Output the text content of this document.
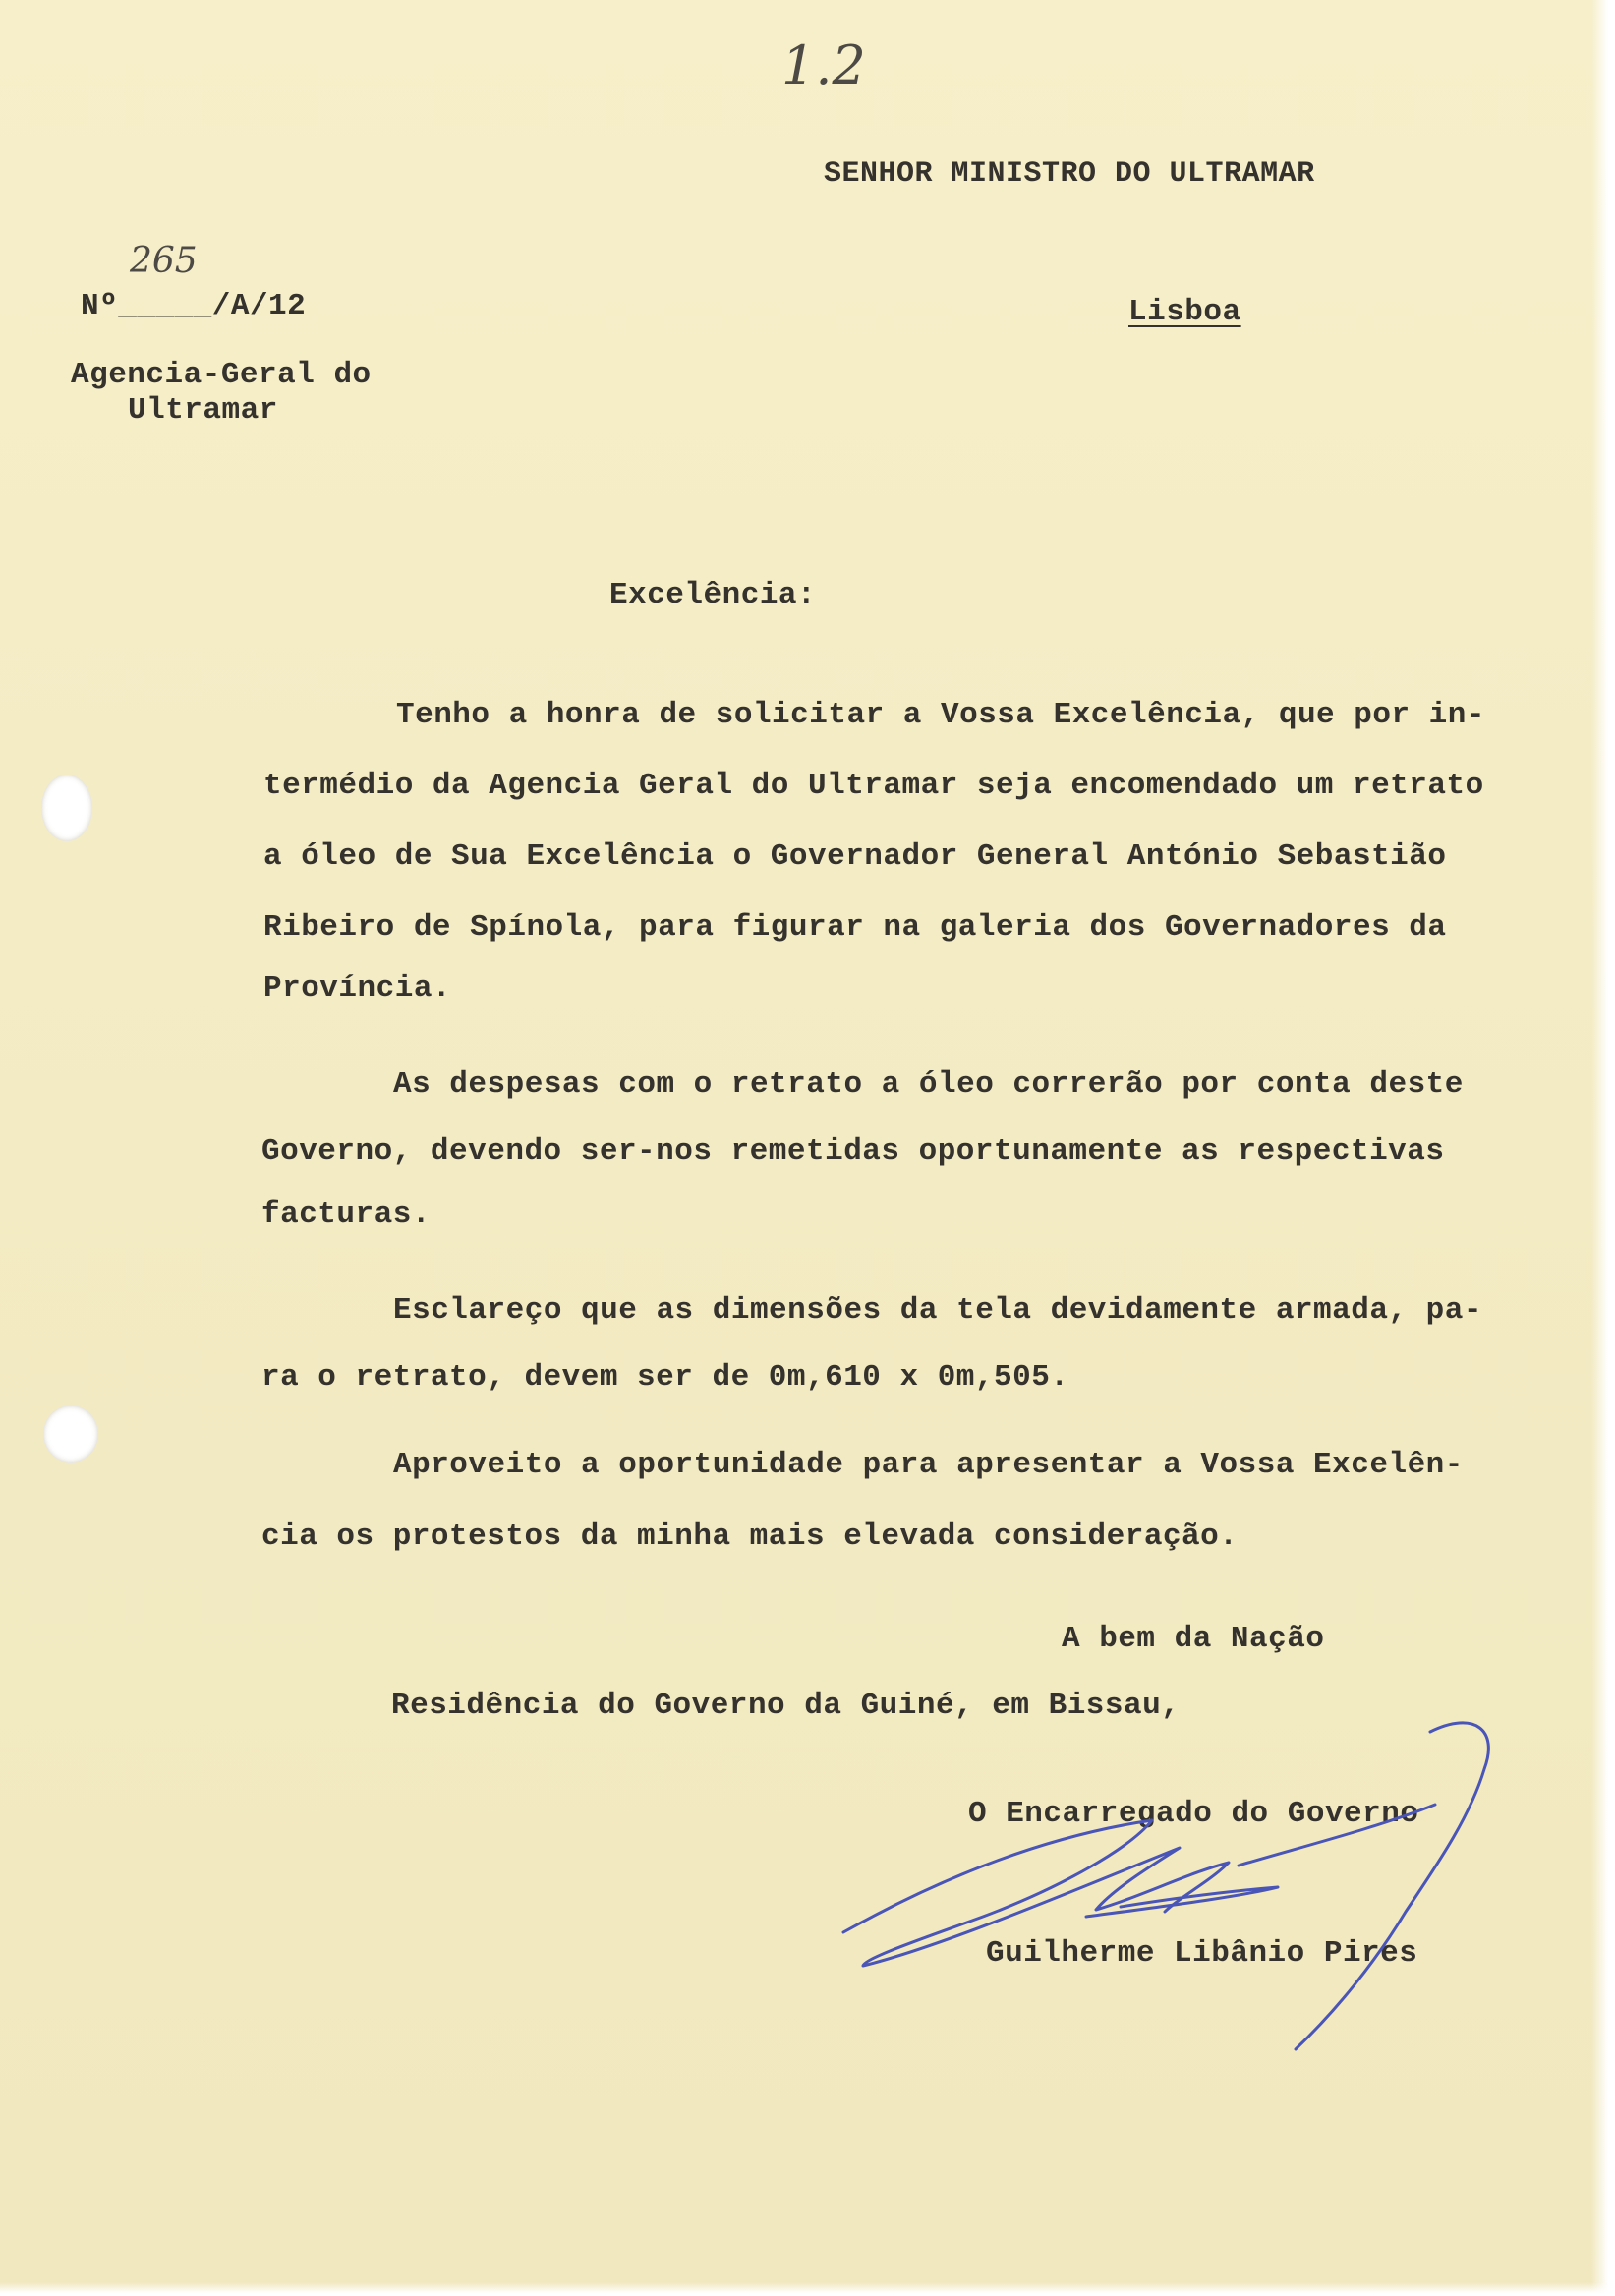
1.2
SENHOR MINISTRO DO ULTRAMAR
Lisboa
265
Nº_____/A/12
Agencia-Geral do
Ultramar
Excelência:
Tenho a honra de solicitar a Vossa Excelência, que por in-
termédio da Agencia Geral do Ultramar seja encomendado um retrato
a óleo de Sua Excelência o Governador General António Sebastião
Ribeiro de Spínola, para figurar na galeria dos Governadores da
Província.
As despesas com o retrato a óleo correrão por conta deste
Governo, devendo ser-nos remetidas oportunamente as respectivas
facturas.
Esclareço que as dimensões da tela devidamente armada, pa-
ra o retrato, devem ser de 0m,610 x 0m,505.
Aproveito a oportunidade para apresentar a Vossa Excelên-
cia os protestos da minha mais elevada consideração.
A bem da Nação
Residência do Governo da Guiné, em Bissau,
O Encarregado do Governo
Guilherme Libânio Pires
